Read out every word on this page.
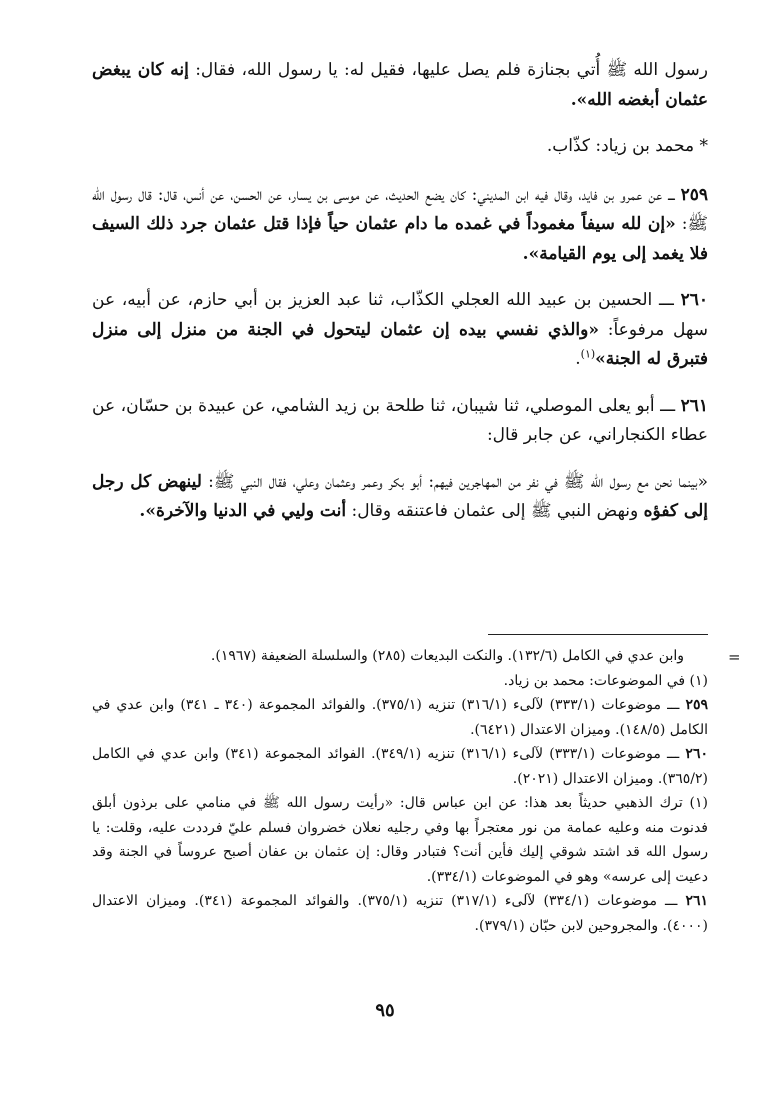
رسول الله ﷺ أُتي بجنازة فلم يصل عليها، فقيل له: يا رسول الله، فقال: إنه كان يبغض عثمان أبغضه الله».

* محمد بن زياد: كذّاب.

٢٥٩ ـــ عن عمرو بن فايد، وقال فيه ابن المديني: كان يضع الحديث، عن موسى بن يسار، عن الحسن، عن أنس، قال: قال رسول الله ﷺ: «إن لله سيفاً مغموداً في غمده ما دام عثمان حياً فإذا قتل عثمان جرد ذلك السيف فلا يغمد إلى يوم القيامة».

٢٦٠ ـــ الحسين بن عبيد الله العجلي الكذّاب، ثنا عبد العزيز بن أبي حازم، عن أبيه، عن سهل مرفوعاً: «والذي نفسي بيده إن عثمان ليتحول في الجنة من منزل إلى منزل فتبرق له الجنة»$^{(١)}$.

٢٦١ ـــ أبو يعلى الموصلي، ثنا شيبان، ثنا طلحة بن زيد الشامي، عن عبيدة بن حسّان، عن عطاء الكنجاراني، عن جابر قال:

«بينما نحن مع رسول الله ﷺ في نفر من المهاجرين فيهم: أبو بكر وعمر وعثمان وعلي، فقال النبي ﷺ: لينهض كل رجل إلى كفؤه ونهض النبي ﷺ إلى عثمان فاعتنقه وقال: أنت وليي في الدنيا والآخرة».

=

وابن عدي في الكامل (١٣٢/٦). والنكت البديعات (٢٨٥) والسلسلة الضعيفة (١٩٦٧).

(١) في الموضوعات: محمد بن زياد.

٢٥٩ ـــ موضوعات (٣٣٣/١) لآلىء (٣١٦/١) تنزيه (٣٧٥/١). والفوائد المجموعة (٣٤٠ ـ ٣٤١) وابن عدي في الكامل (١٤٨/٥). وميزان الاعتدال (٦٤٢١).

٢٦٠ ـــ موضوعات (٣٣٣/١) لآلىء (٣١٦/١) تنزيه (٣٤٩/١). الفوائد المجموعة (٣٤١) وابن عدي في الكامل (٣٦٥/٢). وميزان الاعتدال (٢٠٢١).

(١) ترك الذهبي حديثاً بعد هذا: عن ابن عباس قال: «رأيت رسول الله ﷺ في منامي على برذون أبلق فدنوت منه وعليه عمامة من نور معتجراً بها وفي رجليه نعلان خضروان فسلم عليّ فرددت عليه، وقلت: يا رسول الله قد اشتد شوقي إليك فأين أنت؟ فتبادر وقال: إن عثمان بن عفان أصبح عروساً في الجنة وقد دعيت إلى عرسه» وهو في الموضوعات (٣٣٤/١).

٢٦١ ـــ موضوعات (٣٣٤/١) لآلىء (٣١٧/١) تنزيه (٣٧٥/١). والفوائد المجموعة (٣٤١). وميزان الاعتدال (٤٠٠٠). والمجروحين لابن حبّان (٣٧٩/١).

٩٥
